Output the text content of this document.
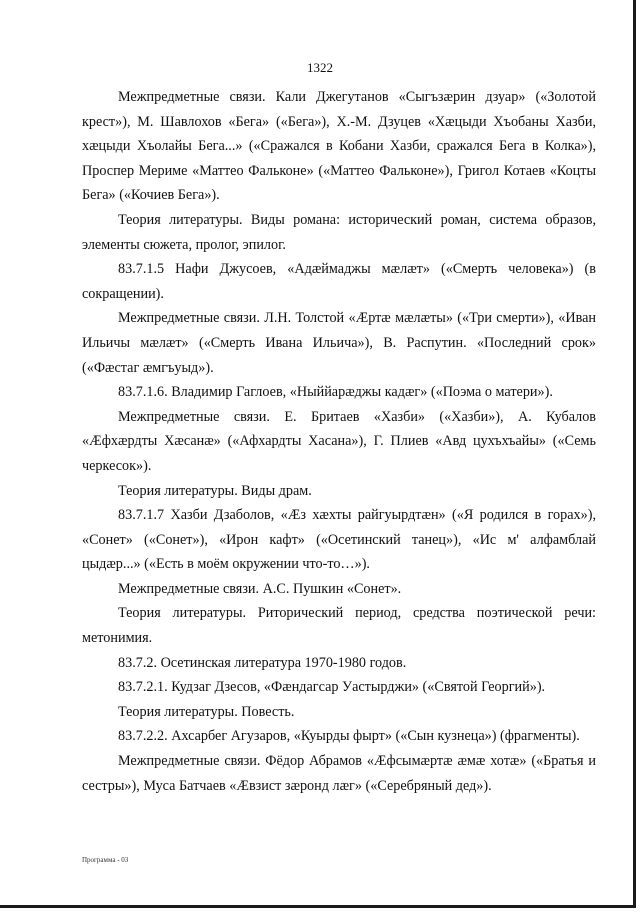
1322

Межпредметные связи. Кали Джегутанов «Сыгъзæрин дзуар» («Золотой крест»), М. Шавлохов «Бега» («Бега»), Х.-М. Дзуцев «Хæцыди Хъобаны Хазби, хæцыди Хъолайы Бега...» («Сражался в Кобани Хазби, сражался Бега в Колка»), Проспер Мериме «Маттео Фальконе» («Маттео Фальконе»), Григол Котаев «Коцты Бега» («Кочиев Бега»).

Теория литературы. Виды романа: исторический роман, система образов, элементы сюжета, пролог, эпилог.

83.7.1.5 Нафи Джусоев, «Адæймаджы мæлæт» («Смерть человека») (в сокращении).

Межпредметные связи. Л.Н. Толстой «Æртæ мæлæты» («Три смерти»), «Иван Ильичы мæлæт» («Смерть Ивана Ильича»), В. Распутин. «Последний срок» («Фæстаг æмгъуыд»).

83.7.1.6. Владимир Гаглоев, «Ныййарæджы кадæг» («Поэма о матери»).

Межпредметные связи. Е. Бритаев «Хазби» («Хазби»), А. Кубалов «Æфхæрдты Хæсанæ» («Афхардты Хасана»), Г. Плиев «Авд цухъхъайы» («Семь черкесок»).

Теория литературы. Виды драм.

83.7.1.7 Хазби Дзаболов, «Æз хæхты райгуырдтæн» («Я родился в горах»), «Сонет» («Сонет»), «Ирон кафт» («Осетинский танец»), «Ис м' алфамблай цыдæр...» («Есть в моём окружении что-то…»).

Межпредметные связи. А.С. Пушкин «Сонет».

Теория литературы. Риторический период, средства поэтической речи: метонимия.

83.7.2. Осетинская литература 1970-1980 годов.

83.7.2.1. Кудзаг Дзесов, «Фæндагсар Уастырджи» («Святой Георгий»).

Теория литературы. Повесть.

83.7.2.2. Ахсарбег Агузаров, «Куырды фырт» («Сын кузнеца») (фрагменты).

Межпредметные связи. Фёдор Абрамов «Æфсымæртæ æмæ хотæ» («Братья и сестры»), Муса Батчаев «Æвзист зæронд лæг» («Серебряный дед»).

Программа - 03
